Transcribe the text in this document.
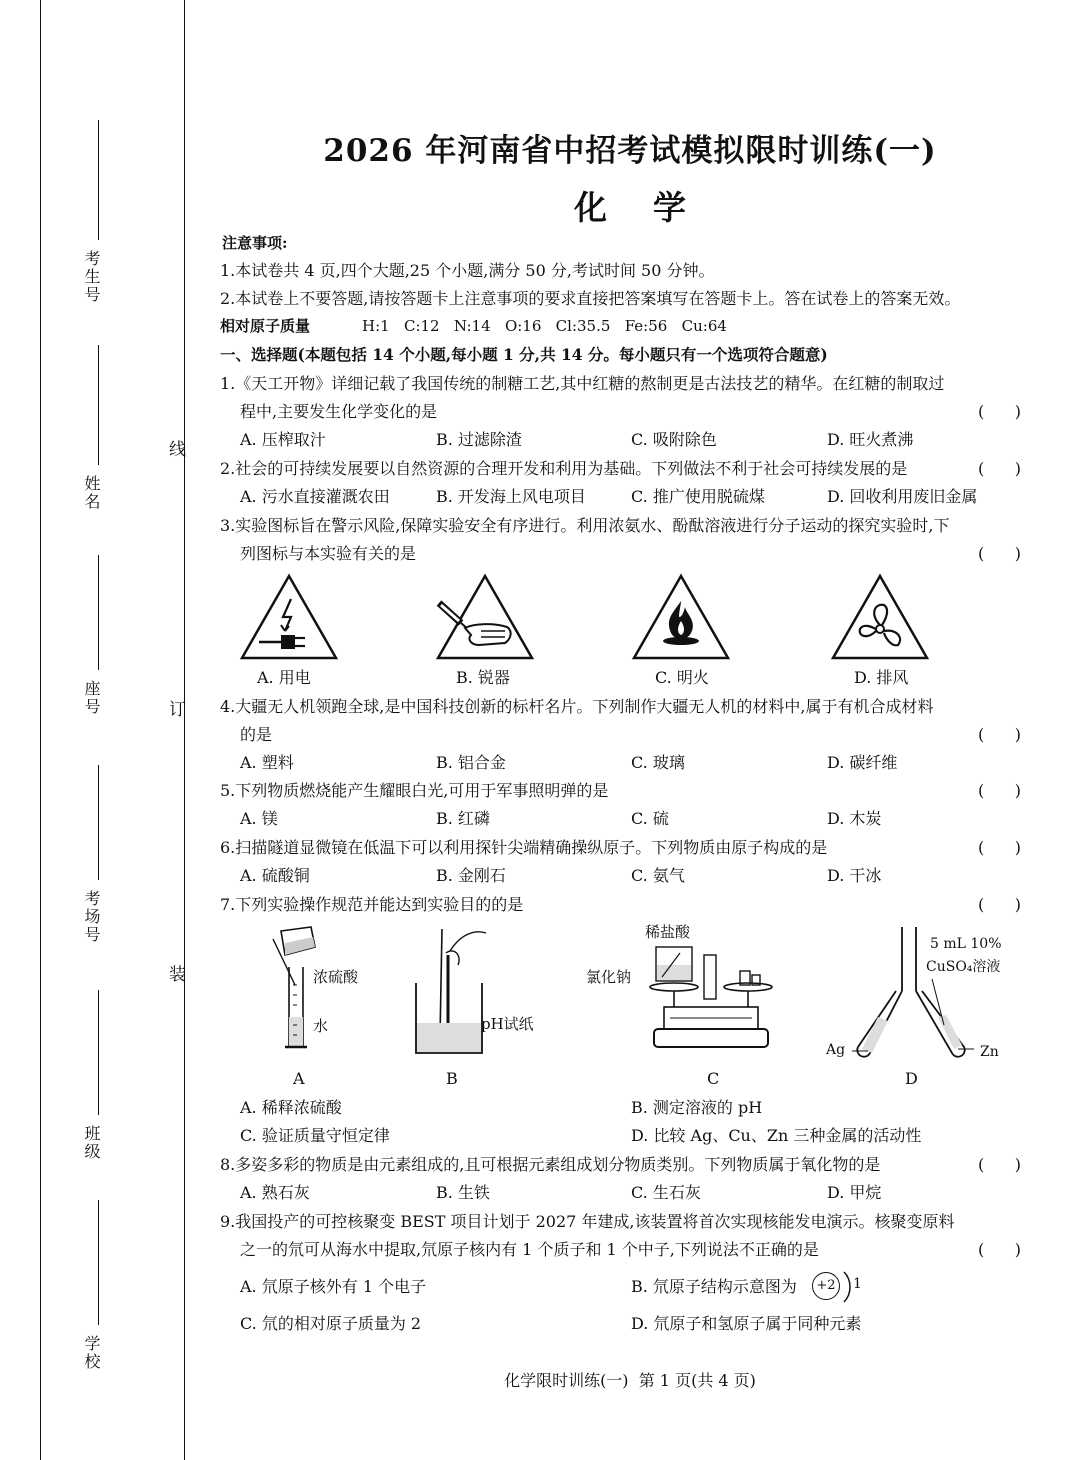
考生号
姓名
座号
考场号
班级
学校
线
订
装
2026 年河南省中招考试模拟限时训练(一)
化    学
注意事项:
1.本试卷共 4 页,四个大题,25 个小题,满分 50 分,考试时间 50 分钟。
2.本试卷上不要答题,请按答题卡上注意事项的要求直接把答案填写在答题卡上。答在试卷上的答案无效。
相对原子质量	H:1   C:12   N:14   O:16   Cl:35.5   Fe:56   Cu:64
一、选择题(本题包括 14 个小题,每小题 1 分,共 14 分。每小题只有一个选项符合题意)
1.《天工开物》详细记载了我国传统的制糖工艺,其中红糖的熬制更是古法技艺的精华。在红糖的制取过
程中,主要发生化学变化的是	(      )
A. 压榨取汁	B. 过滤除渣	C. 吸附除色	D. 旺火煮沸
2.社会的可持续发展要以自然资源的合理开发和利用为基础。下列做法不利于社会可持续发展的是	(      )
A. 污水直接灌溉农田	B. 开发海上风电项目	C. 推广使用脱硫煤	D. 回收利用废旧金属
3.实验图标旨在警示风险,保障实验安全有序进行。利用浓氨水、酚酞溶液进行分子运动的探究实验时,下
列图标与本实验有关的是	(      )
A. 用电	B. 锐器	C. 明火	D. 排风
4.大疆无人机领跑全球,是中国科技创新的标杆名片。下列制作大疆无人机的材料中,属于有机合成材料
的是	(      )
A. 塑料	B. 铝合金	C. 玻璃	D. 碳纤维
5.下列物质燃烧能产生耀眼白光,可用于军事照明弹的是	(      )
A. 镁	B. 红磷	C. 硫	D. 木炭
6.扫描隧道显微镜在低温下可以利用探针尖端精确操纵原子。下列物质由原子构成的是	(      )
A. 硫酸铜	B. 金刚石	C. 氨气	D. 干冰
7.下列实验操作规范并能达到实验目的的是	(      )
浓硫酸
水	pH试纸
稀盐酸
氯化钠
5 mL 10%
CuSO₄溶液
Ag	Zn
A	B	C	D
A. 稀释浓硫酸	B. 测定溶液的 pH
C. 验证质量守恒定律	D. 比较 Ag、Cu、Zn 三种金属的活动性
8.多姿多彩的物质是由元素组成的,且可根据元素组成划分物质类别。下列物质属于氧化物的是	(      )
A. 熟石灰	B. 生铁	C. 生石灰	D. 甲烷
9.我国投产的可控核聚变 BEST 项目计划于 2027 年建成,该装置将首次实现核能发电演示。核聚变原料
之一的氘可从海水中提取,氘原子核内有 1 个质子和 1 个中子,下列说法不正确的是	(      )
A. 氘原子核外有 1 个电子	B. 氘原子结构示意图为	+2	1
C. 氘的相对原子质量为 2	D. 氘原子和氢原子属于同种元素
化学限时训练(一)  第 1 页(共 4 页)
